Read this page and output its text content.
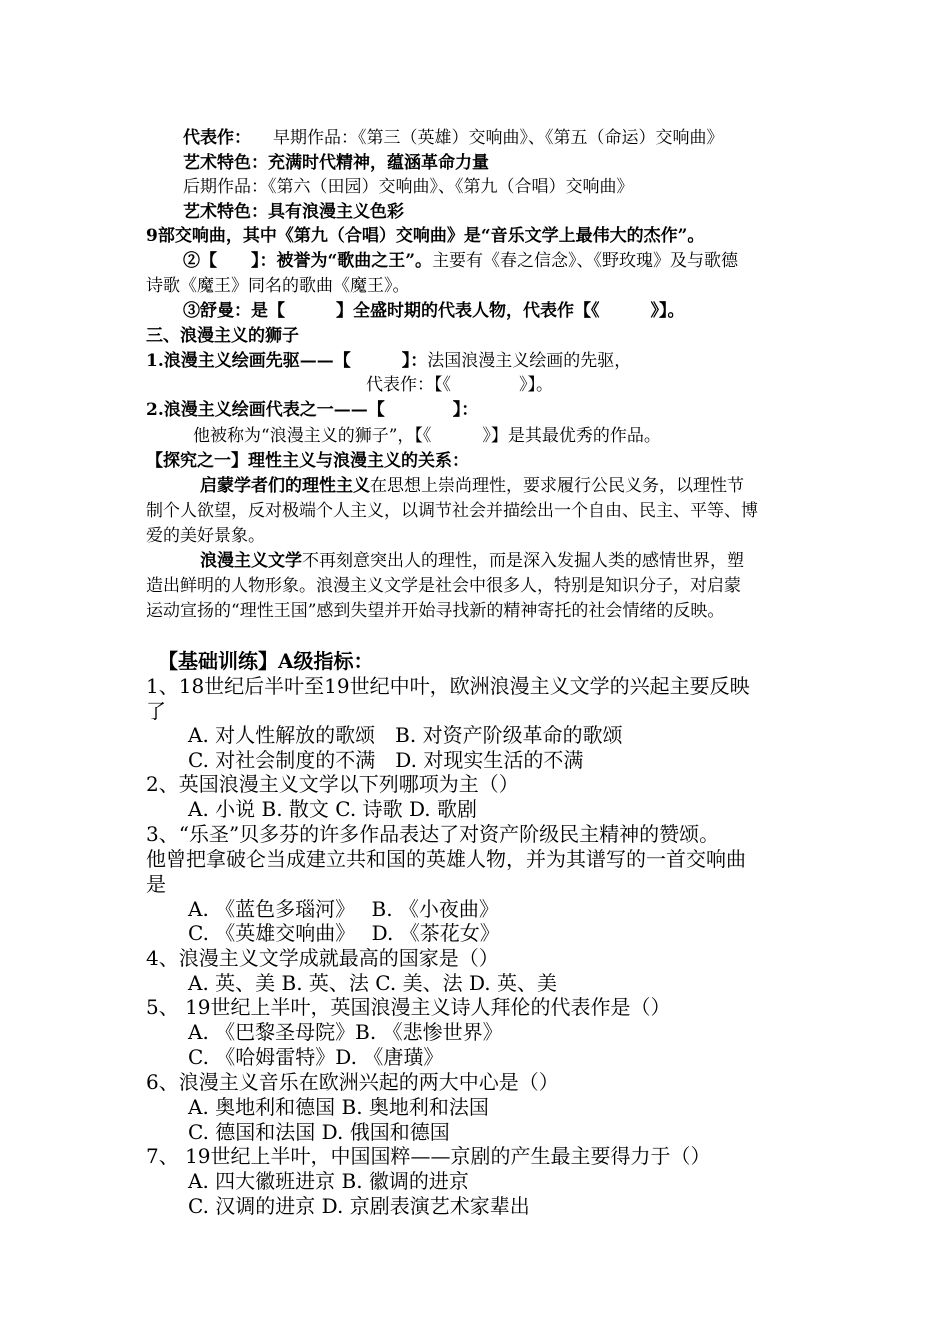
代表作： 早期作品：《第三（英雄）交响曲》、《第五（命运）交响曲》
艺术特色：充满时代精神，蕴涵革命力量
后期作品：《第六（田园）交响曲》、《第九（合唱）交响曲》
艺术特色：具有浪漫主义色彩
9部交响曲，其中《第九（合唱）交响曲》是“音乐文学上最伟大的杰作”。
②【　　】：被誉为“歌曲之王”。主要有《春之信念》、《野玫瑰》及与歌德
诗歌《魔王》同名的歌曲《魔王》。
③舒曼：是【　　　】全盛时期的代表人物，代表作【《　　　》】。
三、浪漫主义的狮子
1.浪漫主义绘画先驱——【　　　】：法国浪漫主义绘画的先驱，
代表作：【《　　　　》】。
2.浪漫主义绘画代表之一——【　　　　】：
他被称为“浪漫主义的狮子”，【《　　　》】是其最优秀的作品。
【探究之一】理性主义与浪漫主义的关系：
启蒙学者们的理性主义在思想上崇尚理性，要求履行公民义务，以理性节
制个人欲望，反对极端个人主义，以调节社会并描绘出一个自由、民主、平等、博
爱的美好景象。
浪漫主义文学不再刻意突出人的理性，而是深入发掘人类的感情世界，塑
造出鲜明的人物形象。浪漫主义文学是社会中很多人，特别是知识分子，对启蒙
运动宣扬的“理性王国”感到失望并开始寻找新的精神寄托的社会情绪的反映。
【基础训练】A级指标：
1、18世纪后半叶至19世纪中叶，欧洲浪漫主义文学的兴起主要反映
了
A. 对人性解放的歌颂　B. 对资产阶级革命的歌颂
C. 对社会制度的不满　D. 对现实生活的不满
2、英国浪漫主义文学以下列哪项为主（）
A. 小说 B. 散文 C. 诗歌 D. 歌剧
3、“乐圣”贝多芬的许多作品表达了对资产阶级民主精神的赞颂。
他曾把拿破仑当成建立共和国的英雄人物，并为其谱写的一首交响曲
是
A. 《蓝色多瑙河》　 B. 《小夜曲》
C. 《英雄交响曲》　 D. 《茶花女》
4、浪漫主义文学成就最高的国家是（）
A. 英、美 B. 英、法 C. 美、法 D. 英、美
5、 19世纪上半叶，英国浪漫主义诗人拜伦的代表作是（）
A. 《巴黎圣母院》B. 《悲惨世界》
C. 《哈姆雷特》D. 《唐璜》
6、浪漫主义音乐在欧洲兴起的两大中心是（）
A. 奥地利和德国 B. 奥地利和法国
C. 德国和法国 D. 俄国和德国
7、 19世纪上半叶，中国国粹——京剧的产生最主要得力于（）
A. 四大徽班进京 B. 徽调的进京
C. 汉调的进京 D. 京剧表演艺术家辈出
